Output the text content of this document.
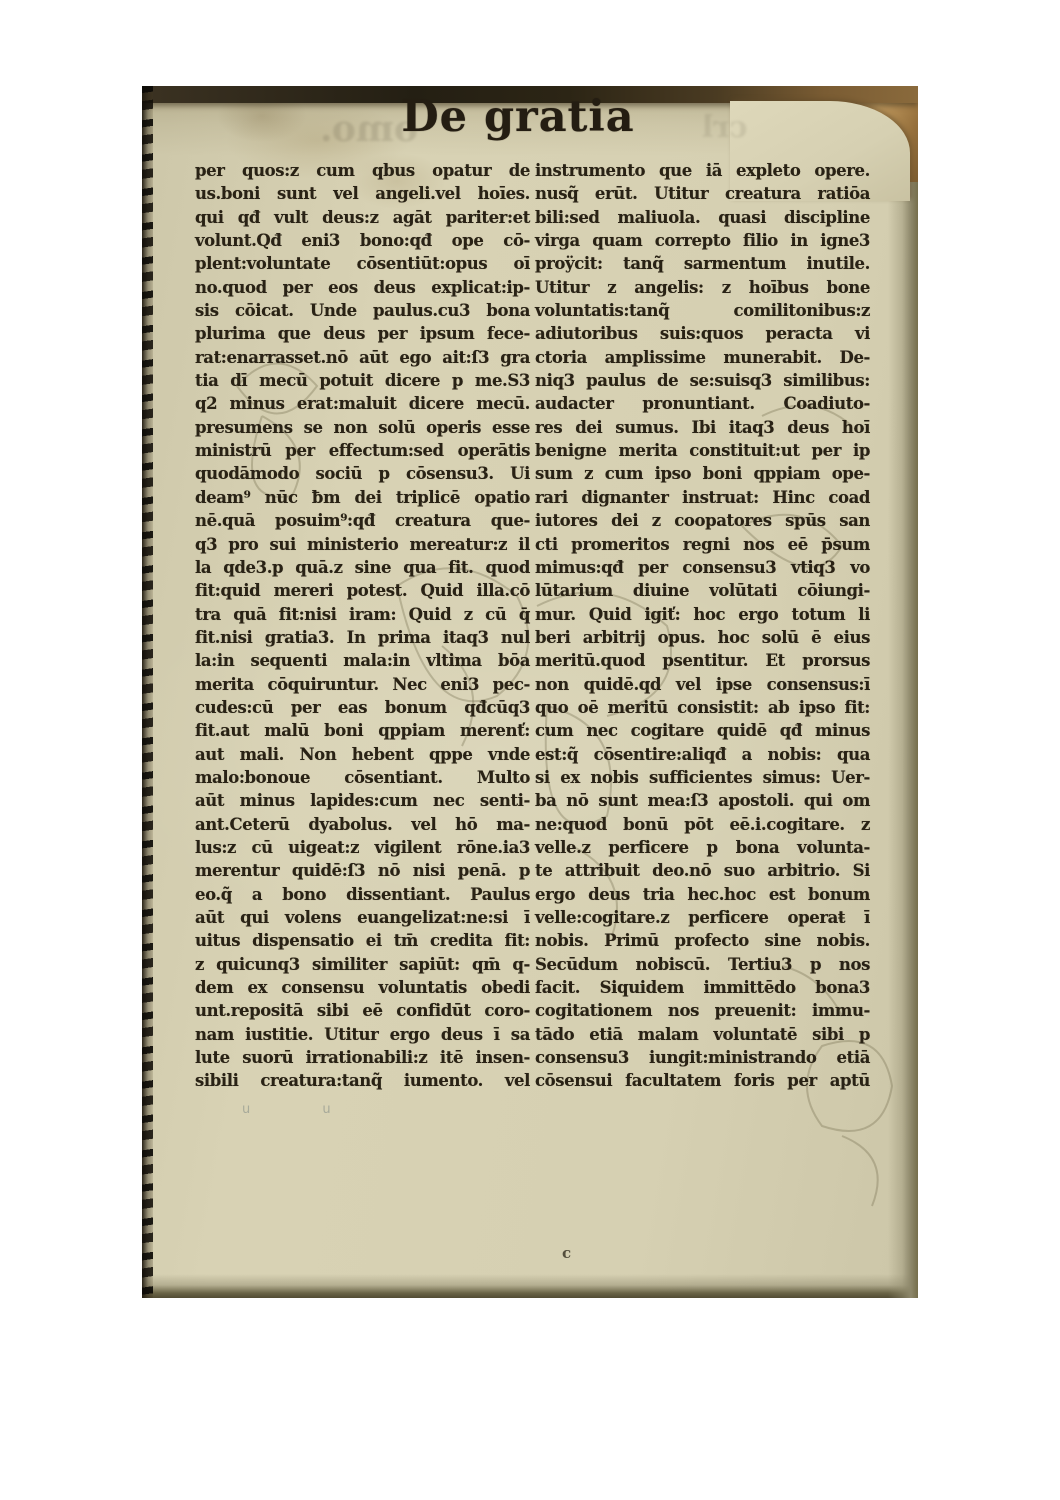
omo.	crl
De gratia
per quos:z cum qbus opatur de
us.boni sunt vel angeli.vel hoīes.
qui qđ vult deus:z agāt pariter:et
volunt.Qđ eni3 bono:qđ ope cō-
plent:voluntate cōsentiūt:opus oī
no.quod per eos deus explicat:ip-
sis cōicat. Unde paulus.cu3 bona
plurima que deus per ipsum fece-
rat:enarrasset.nō aūt ego ait:ſ3 gra
tia dī mecū potuit dicere p me.S3
q2 minus erat:maluit dicere mecū.
presumens se non solū operis esse
ministrū per effectum:sed operātis
quodāmodo sociū p cōsensu3. Ui
deam⁹ nūc ƀm dei triplicē opatio
nē.quā posuim⁹:qđ creatura que-
q3 pro sui ministerio mereatur:z il
la qde3.p quā.z sine qua fit. quod
fit:quid mereri potest. Quid illa.cō
tra quā fit:nisi iram: Quid z cū q̄
fit.nisi gratia3. In prima itaq3 nul
la:in sequenti mala:in vltima bōa
merita cōquiruntur. Nec eni3 pec-
cudes:cū per eas bonum qđcūq3
fit.aut malū boni qppiam merenť:
aut mali. Non hebent qppe vnde
malo:bonoue cōsentiant. Multo
aūt minus lapides:cum nec senti-
ant.Ceterū dyabolus. vel hō ma-
lus:z cū uigeat:z vigilent rōne.ia3
merentur quidē:ſ3 nō nisi penā. p
eo.q̃ a bono dissentiant. Paulus
aūt qui volens euangelizat:ne:si ī
uitus dispensatio ei tm̄ credita fit:
z quicunq3 similiter sapiūt: qm̄ q-
dem ex consensu voluntatis obedi
unt.repositā sibi eē confidūt coro-
nam iustitie. Utitur ergo deus ī sa
lute suorū irrationabili:z itē insen-
sibili creatura:tanq̃ iumento. vel
instrumento que iā expleto opere.
nusq̃ erūt. Utitur creatura ratiōa
bili:sed maliuola. quasi discipline
virga quam correpto filio in igne3
proÿcit: tanq̃ sarmentum inutile.
Utitur z angelis: z hoībus bone
voluntatis:tanq̃ comilitonibus:z
adiutoribus suis:quos peracta vi
ctoria amplissime munerabit. De-
niq3 paulus de se:suisq3 similibus:
audacter pronuntiant. Coadiuto-
res dei sumus. Ibi itaq3 deus hoī
benigne merita constituit:ut per ip
sum z cum ipso boni qppiam ope-
rari dignanter instruat: Hinc coad
iutores dei z coopatores spūs san
cti promeritos regni nos eē p̄sum
mimus:qđ per consensu3 vtiq3 vo
lūtarium diuine volūtati cōiungi-
mur. Quid igiť: hoc ergo totum li
beri arbitrij opus. hoc solū ē eius
meritū.quod psentitur. Et prorsus
non quidē.qd vel ipse consensus:ī
quo oē meritū consistit: ab ipso fit:
cum nec cogitare quidē qđ minus
est:q̃ cōsentire:aliqđ a nobis: qua
si ex nobis sufficientes simus: Uer-
ba nō sunt mea:ſ3 apostoli. qui om
ne:quod bonū pōt eē.i.cogitare. z
velle.z perficere p bona volunta-
te attribuit deo.nō suo arbitrio. Si
ergo deus tria hec.hoc est bonum
velle:cogitare.z perficere operaŧ ī
nobis. Primū profecto sine nobis.
Secūdum nobiscū. Tertiu3 p nos
facit. Siquidem immittēdo bona3
cogitationem nos preuenit: immu-
tādo etiā malam voluntatē sibi p
consensu3 iungit:ministrando etiā
cōsensui facultatem foris per aptū
c
u u
